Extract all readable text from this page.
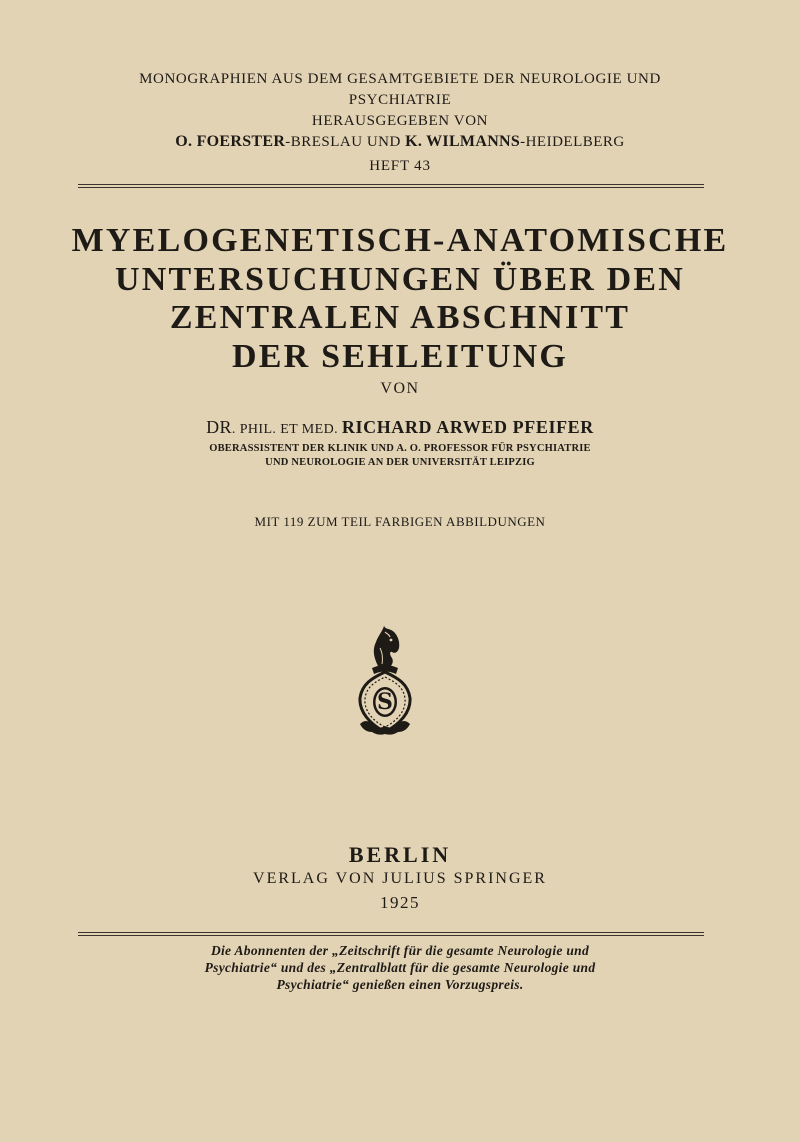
MONOGRAPHIEN AUS DEM GESAMTGEBIETE DER NEUROLOGIE UND
PSYCHIATRIE
HERAUSGEGEBEN VON
O. FOERSTER-BRESLAU UND K. WILMANNS-HEIDELBERG
HEFT 43
MYELOGENETISCH-ANATOMISCHE
UNTERSUCHUNGEN ÜBER DEN
ZENTRALEN ABSCHNITT
DER SEHLEITUNG
VON
DR. PHIL. ET MED. RICHARD ARWED PFEIFER
OBERASSISTENT DER KLINIK UND A. O. PROFESSOR FÜR PSYCHIATRIE
UND NEUROLOGIE AN DER UNIVERSITÄT LEIPZIG
MIT 119 ZUM TEIL FARBIGEN ABBILDUNGEN
S
BERLIN
VERLAG VON JULIUS SPRINGER
1925
Die Abonnenten der „Zeitschrift für die gesamte Neurologie und
Psychiatrie“ und des „Zentralblatt für die gesamte Neurologie und
Psychiatrie“ genießen einen Vorzugspreis.
